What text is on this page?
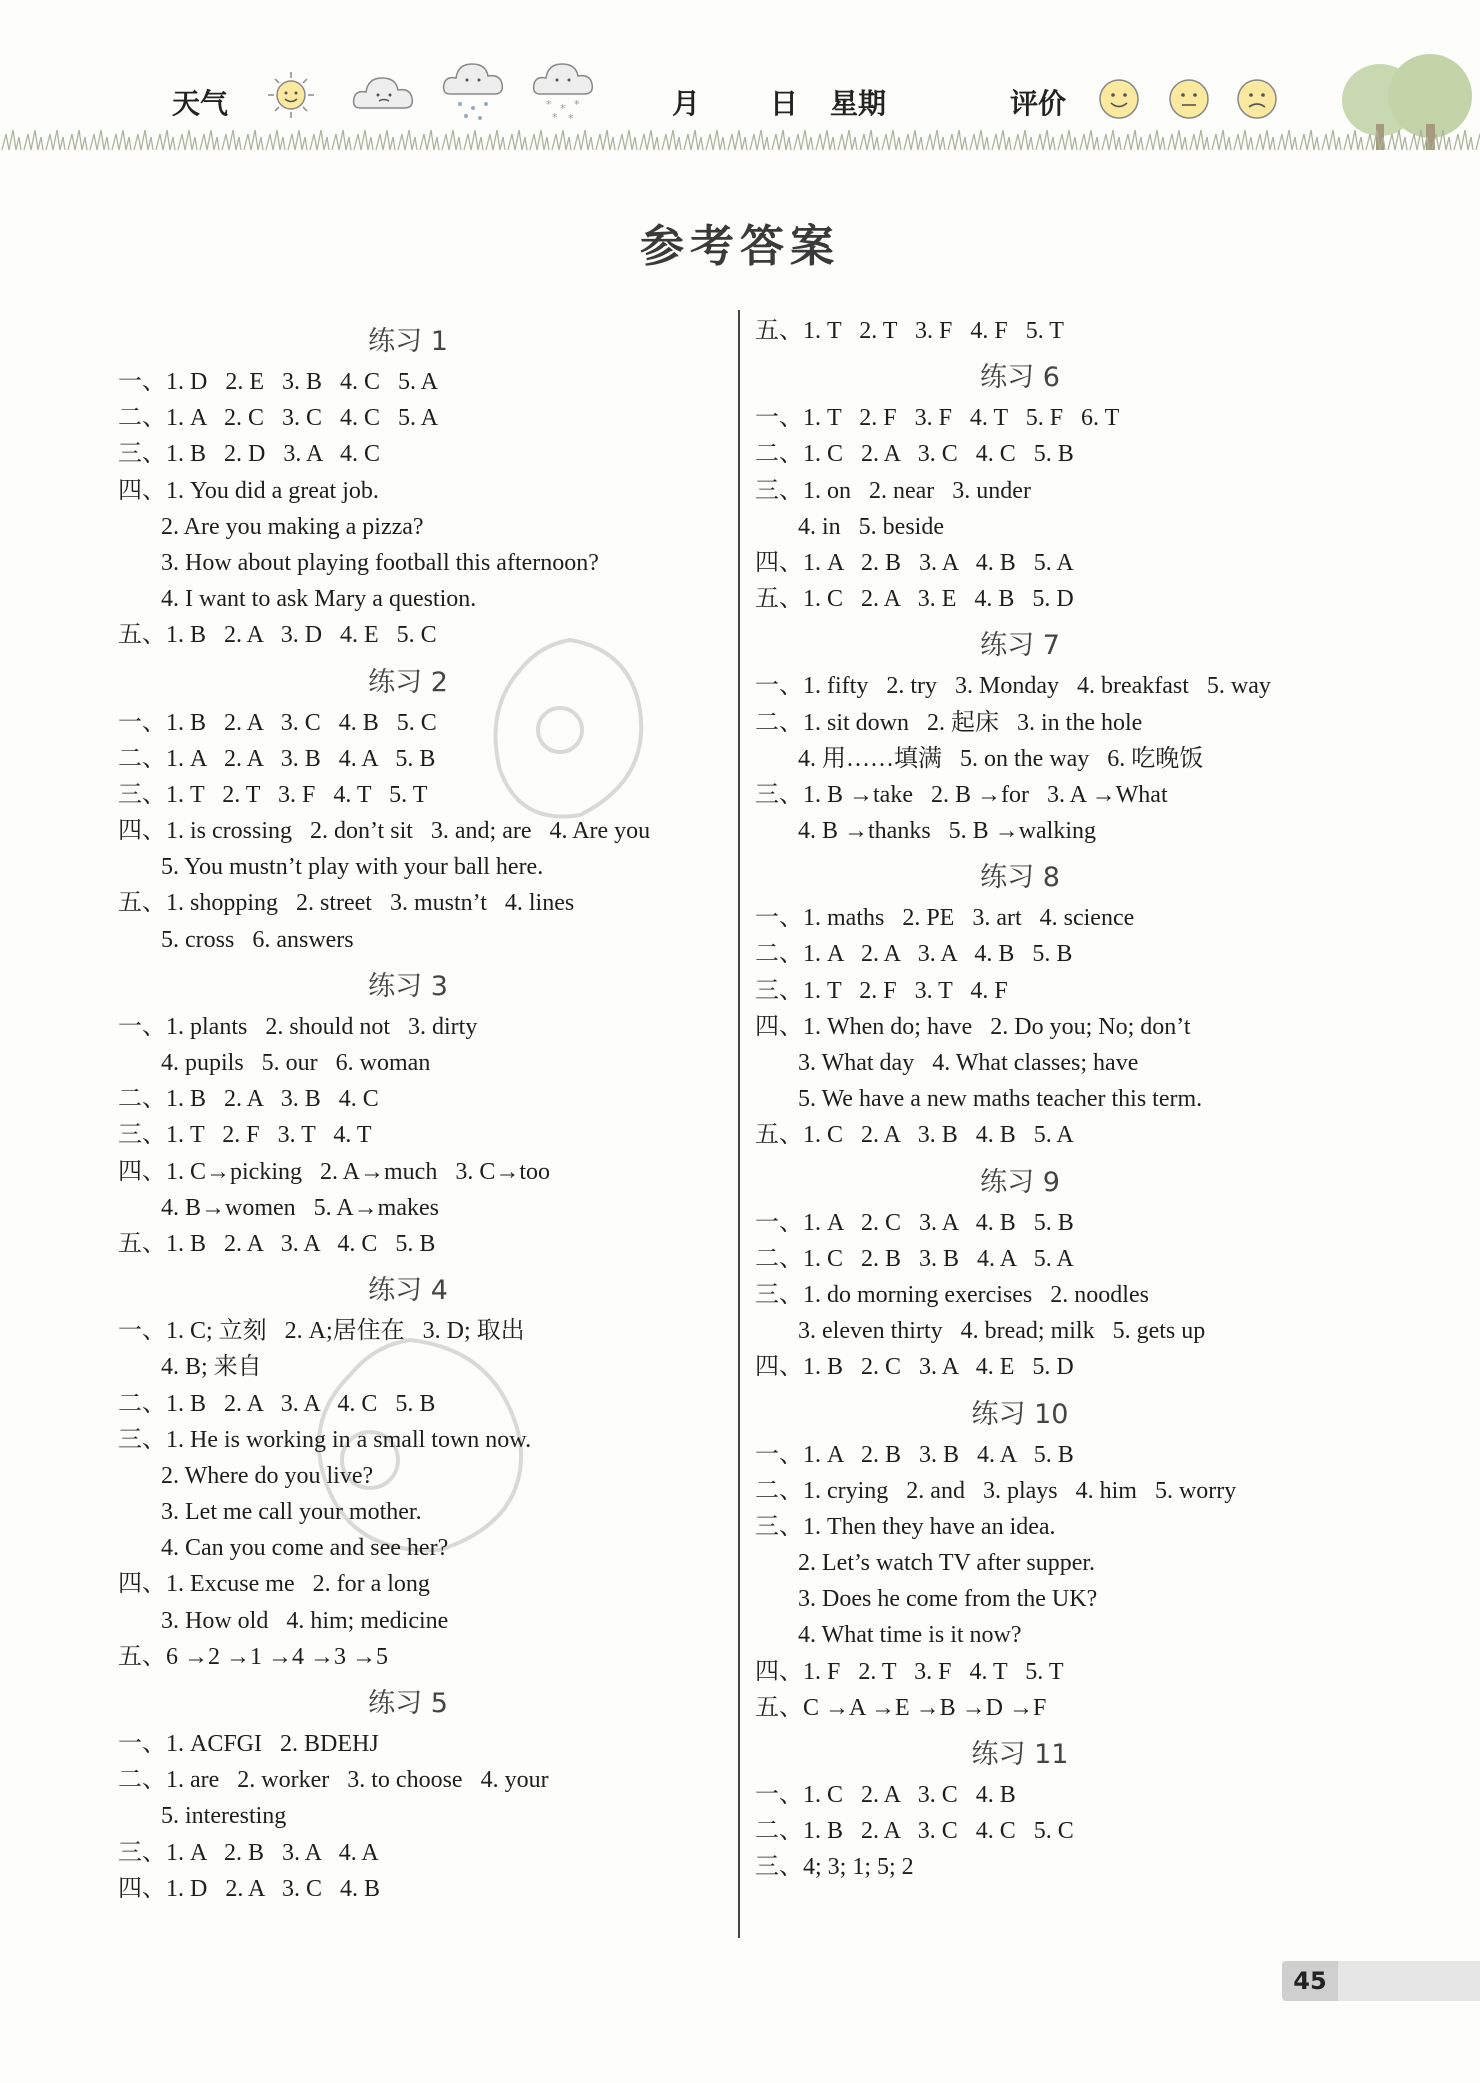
天气	* * *
* *	月 日 星期	评价
参考答案
练习 1
一、1. D   2. E   3. B   4. C   5. A
二、1. A   2. C   3. C   4. C   5. A
三、1. B   2. D   3. A   4. C
四、1. You did a great job.
2. Are you making a pizza?
3. How about playing football this afternoon?
4. I want to ask Mary a question.
五、1. B   2. A   3. D   4. E   5. C
练习 2
一、1. B   2. A   3. C   4. B   5. C
二、1. A   2. A   3. B   4. A   5. B
三、1. T   2. T   3. F   4. T   5. T
四、1. is crossing   2. don’t sit   3. and; are   4. Are you
5. You mustn’t play with your ball here.
五、1. shopping   2. street   3. mustn’t   4. lines
5. cross   6. answers
练习 3
一、1. plants   2. should not   3. dirty
4. pupils   5. our   6. woman
二、1. B   2. A   3. B   4. C
三、1. T   2. F   3. T   4. T
四、1. C→picking   2. A→much   3. C→too
4. B→women   5. A→makes
五、1. B   2. A   3. A   4. C   5. B
练习 4
一、1. C; 立刻   2. A;居住在   3. D; 取出
4. B; 来自
二、1. B   2. A   3. A   4. C   5. B
三、1. He is working in a small town now.
2. Where do you live?
3. Let me call your mother.
4. Can you come and see her?
四、1. Excuse me   2. for a long
3. How old   4. him; medicine
五、6 →2 →1 →4 →3 →5
练习 5
一、1. ACFGI   2. BDEHJ
二、1. are   2. worker   3. to choose   4. your
5. interesting
三、1. A   2. B   3. A   4. A
四、1. D   2. A   3. C   4. B
五、1. T   2. T   3. F   4. F   5. T
练习 6
一、1. T   2. F   3. F   4. T   5. F   6. T
二、1. C   2. A   3. C   4. C   5. B
三、1. on   2. near   3. under
4. in   5. beside
四、1. A   2. B   3. A   4. B   5. A
五、1. C   2. A   3. E   4. B   5. D
练习 7
一、1. fifty   2. try   3. Monday   4. breakfast   5. way
二、1. sit down   2. 起床   3. in the hole
4. 用……填满   5. on the way   6. 吃晚饭
三、1. B →take   2. B →for   3. A →What
4. B →thanks   5. B →walking
练习 8
一、1. maths   2. PE   3. art   4. science
二、1. A   2. A   3. A   4. B   5. B
三、1. T   2. F   3. T   4. F
四、1. When do; have   2. Do you; No; don’t
3. What day   4. What classes; have
5. We have a new maths teacher this term.
五、1. C   2. A   3. B   4. B   5. A
练习 9
一、1. A   2. C   3. A   4. B   5. B
二、1. C   2. B   3. B   4. A   5. A
三、1. do morning exercises   2. noodles
3. eleven thirty   4. bread; milk   5. gets up
四、1. B   2. C   3. A   4. E   5. D
练习 10
一、1. A   2. B   3. B   4. A   5. B
二、1. crying   2. and   3. plays   4. him   5. worry
三、1. Then they have an idea.
2. Let’s watch TV after supper.
3. Does he come from the UK?
4. What time is it now?
四、1. F   2. T   3. F   4. T   5. T
五、C →A →E →B →D →F
练习 11
一、1. C   2. A   3. C   4. B
二、1. B   2. A   3. C   4. C   5. C
三、4; 3; 1; 5; 2
45
